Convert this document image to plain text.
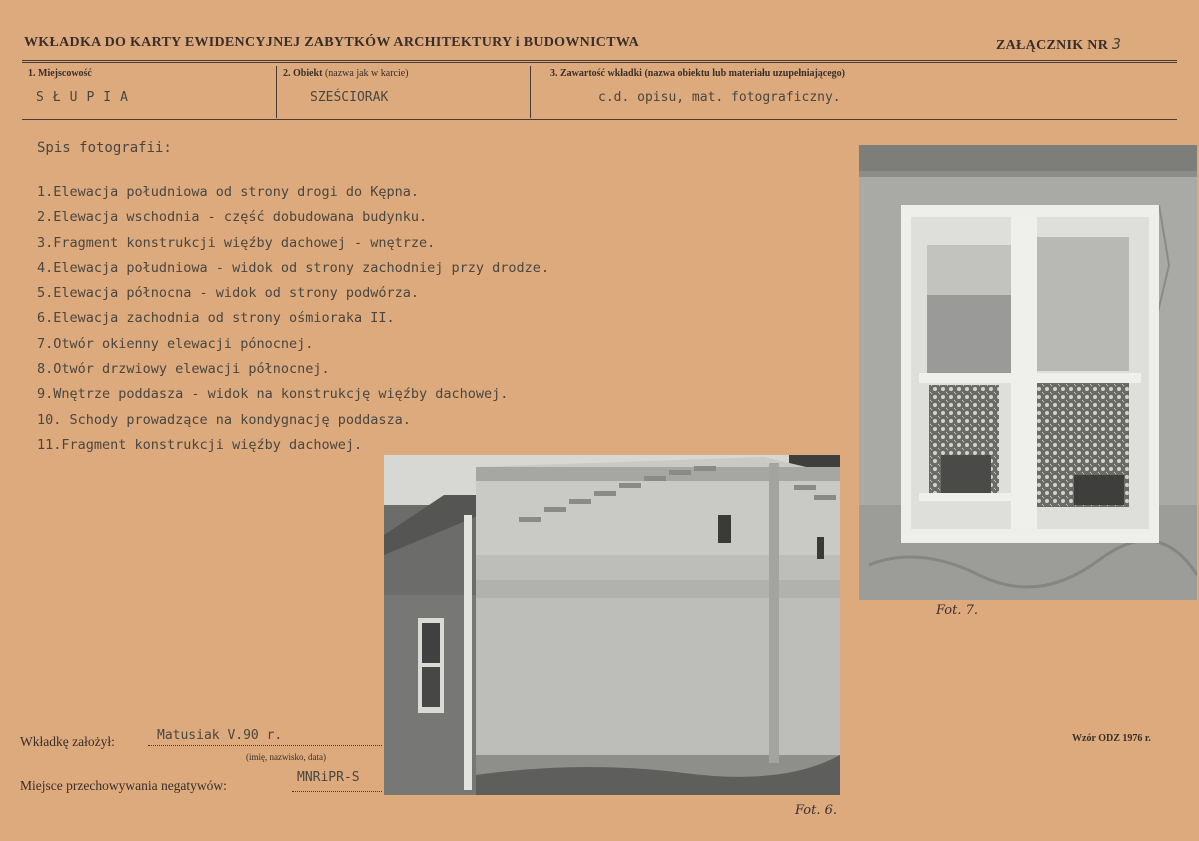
WKŁADKA DO KARTY EWIDENCYJNEJ ZABYTKÓW ARCHITEKTURY i BUDOWNICTWA	ZAŁĄCZNIK NR 3
1. Miejscowość
SŁUPIA
2. Obiekt (nazwa jak w karcie)
SZEŚCIORAK
3. Zawartość wkładki (nazwa obiektu lub materiału uzupełniającego)
c.d. opisu, mat. fotograficzny.
Spis fotografii:
1.Elewacja południowa od strony drogi do Kępna.
2.Elewacja wschodnia - część dobudowana budynku.
3.Fragment konstrukcji więźby dachowej - wnętrze.
4.Elewacja południowa - widok od strony zachodniej przy drodze.
5.Elewacja północna - widok od strony podwórza.
6.Elewacja zachodnia od strony ośmioraka II.
7.Otwór okienny elewacji pónocnej.
8.Otwór drzwiowy elewacji północnej.
9.Wnętrze poddasza - widok na konstrukcję więźby dachowej.
10. Schody prowadzące na kondygnację poddasza.
11.Fragment konstrukcji więźby dachowej.
Fot. 7.
Fot. 6.
Wkładkę założył:	Matusiak V.90 r.
(imię, nazwisko, data)
Miejsce przechowywania negatywów:
MNRiPR-S
Wzór ODZ 1976 r.
